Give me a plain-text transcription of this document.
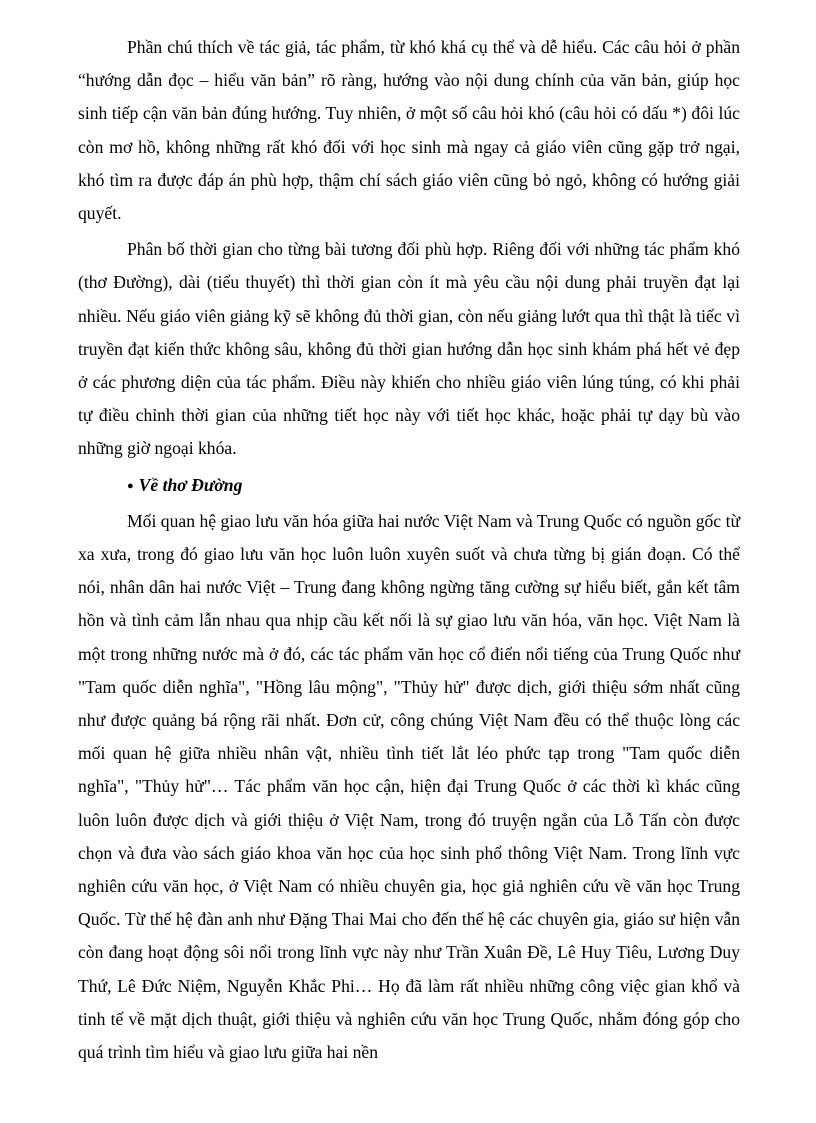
Phần chú thích về tác giả, tác phẩm, từ khó khá cụ thể và dễ hiểu. Các câu hỏi ở phần “hướng dẫn đọc – hiểu văn bản” rõ ràng, hướng vào nội dung chính của văn bản, giúp học sinh tiếp cận văn bản đúng hướng. Tuy nhiên, ở một số câu hỏi khó (câu hỏi có dấu *) đôi lúc còn mơ hồ, không những rất khó đối với học sinh mà ngay cả giáo viên cũng gặp trở ngại, khó tìm ra được đáp án phù hợp, thậm chí sách giáo viên cũng bỏ ngỏ, không có hướng giải quyết.

Phân bố thời gian cho từng bài tương đối phù hợp. Riêng đối với những tác phẩm khó (thơ Đường), dài (tiểu thuyết) thì thời gian còn ít mà yêu cầu nội dung phải truyền đạt lại nhiều. Nếu giáo viên giảng kỹ sẽ không đủ thời gian, còn nếu giảng lướt qua thì thật là tiếc vì truyền đạt kiến thức không sâu, không đủ thời gian hướng dẫn học sinh khám phá hết vẻ đẹp ở các phương diện của tác phẩm. Điều này khiến cho nhiều giáo viên lúng túng, có khi phải tự điều chỉnh thời gian của những tiết học này với tiết học khác, hoặc phải tự dạy bù vào những giờ ngoại khóa.

● Về thơ Đường

Mối quan hệ giao lưu văn hóa giữa hai nước Việt Nam và Trung Quốc có nguồn gốc từ xa xưa, trong đó giao lưu văn học luôn luôn xuyên suốt và chưa từng bị gián đoạn. Có thể nói, nhân dân hai nước Việt – Trung đang không ngừng tăng cường sự hiểu biết, gắn kết tâm hồn và tình cảm lẫn nhau qua nhịp cầu kết nối là sự giao lưu văn hóa, văn học. Việt Nam là một trong những nước mà ở đó, các tác phẩm văn học cổ điển nổi tiếng của Trung Quốc như "Tam quốc diễn nghĩa", "Hồng lâu mộng", "Thủy hử" được dịch, giới thiệu sớm nhất cũng như được quảng bá rộng rãi nhất. Đơn cử, công chúng Việt Nam đều có thể thuộc lòng các mối quan hệ giữa nhiều nhân vật, nhiều tình tiết lắt léo phức tạp trong "Tam quốc diễn nghĩa", "Thủy hử"… Tác phẩm văn học cận, hiện đại Trung Quốc ở các thời kì khác cũng luôn luôn được dịch và giới thiệu ở Việt Nam, trong đó truyện ngắn của Lỗ Tấn còn được chọn và đưa vào sách giáo khoa văn học của học sinh phổ thông Việt Nam. Trong lĩnh vực nghiên cứu văn học, ở Việt Nam có nhiều chuyên gia, học giả nghiên cứu về văn học Trung Quốc. Từ thế hệ đàn anh như Đặng Thai Mai cho đến thế hệ các chuyên gia, giáo sư hiện vẫn còn đang hoạt động sôi nổi trong lĩnh vực này như Trần Xuân Đề, Lê Huy Tiêu, Lương Duy Thứ, Lê Đức Niệm, Nguyễn Khắc Phi… Họ đã làm rất nhiều những công việc gian khổ và tinh tế về mặt dịch thuật, giới thiệu và nghiên cứu văn học Trung Quốc, nhằm đóng góp cho quá trình tìm hiểu và giao lưu giữa hai nền
